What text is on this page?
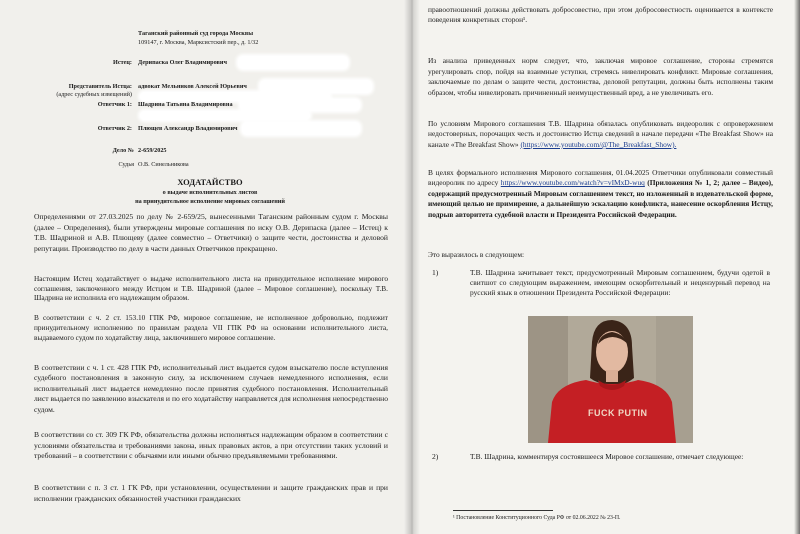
Таганский районный суд города Москвы

109147, г. Москва, Марксистский пер., д. 1/32

Истец: Дерипаска Олег Владимирович
Представитель Истца:
(адрес судебных извещений)
адвокат Мельников Алексей Юрьевич
Ответчик 1: Шадрина Татьяна Владимировна
Ответчик 2: Плющев Александр Владимирович
Дело № 2-659/2025
Судья О.В. Синельникова

ХОДАТАЙСТВО

о выдаче исполнительных листов

на принудительное исполнение мировых соглашений

Определениями от 27.03.2025 по делу № 2-659/25, вынесенными Таганским районным судом г. Москвы (далее – Определения), были утверждены мировые соглашения по иску О.В. Дерипаска (далее – Истец) к Т.В. Шадриной и А.В. Плющеву (далее совместно – Ответчики) о защите чести, достоинства и деловой репутации. Производство по делу в части данных Ответчиков прекращено.

Настоящим Истец ходатайствует о выдаче исполнительного листа на принудительное исполнение мирового соглашения, заключенного между Истцом и Т.В. Шадриной (далее – Мировое соглашение), поскольку Т.В. Шадрина не исполнила его надлежащим образом.

В соответствии с ч. 2 ст. 153.10 ГПК РФ, мировое соглашение, не исполненное добровольно, подлежит принудительному исполнению по правилам раздела VII ГПК РФ на основании исполнительного листа, выдаваемого судом по ходатайству лица, заключившего мировое соглашение.

В соответствии с ч. 1 ст. 428 ГПК РФ, исполнительный лист выдается судом взыскателю после вступления судебного постановления в законную силу, за исключением случаев немедленного исполнения, если исполнительный лист выдается немедленно после принятия судебного постановления. Исполнительный лист выдается по заявлению взыскателя и по его ходатайству направляется для исполнения непосредственно судом.

В соответствии со ст. 309 ГК РФ, обязательства должны исполняться надлежащим образом в соответствии с условиями обязательства и требованиями закона, иных правовых актов, а при отсутствии таких условий и требований – в соответствии с обычаями или иными обычно предъявляемыми требованиями.

В соответствии с п. 3 ст. 1 ГК РФ, при установлении, осуществлении и защите гражданских прав и при исполнении гражданских обязанностей участники гражданских

правоотношений должны действовать добросовестно, при этом добросовестность оценивается в контексте поведения конкретных сторон¹.

Из анализа приведенных норм следует, что, заключая мировое соглашение, стороны стремятся урегулировать спор, пойдя на взаимные уступки, стремясь нивелировать конфликт. Мировые соглашения, заключаемые по делам о защите чести, достоинства, деловой репутации, должны быть исполнены таким образом, чтобы нивелировать причиненный неимущественный вред, а не увеличивать его.

По условиям Мирового соглашения Т.В. Шадрина обязалась опубликовать видеоролик с опровержением недостоверных, порочащих честь и достоинство Истца сведений в начале передачи «The Breakfast Show» на канале «The Breakfast Show» (https://www.youtube.com/@The_Breakfast_Show).

В целях формального исполнения Мирового соглашения, 01.04.2025 Ответчики опубликовали совместный видеоролик по адресу https://www.youtube.com/watch?v=vIMxD-wuq (Приложения № 1, 2; далее – Видео), содержащий предусмотренный Мировым соглашением текст, но изложенный в издевательской форме, имеющий целью не примирение, а дальнейшую эскалацию конфликта, нанесение оскорбления Истцу, подрыв авторитета судебной власти и Президента Российской Федерации.

Это выразилось в следующем:

1)	Т.В. Шадрина зачитывает текст, предусмотренный Мировым соглашением, будучи одетой в свитшот со следующим выражением, имеющим оскорбительный и нецензурный перевод на русский язык в отношении Президента Российской Федерации:

FUCK PUTIN

2)	Т.В. Шадрина, комментируя состоявшееся Мировое соглашение, отмечает следующее:

¹ Постановление Конституционного Суда РФ от 02.06.2022 № 23-П.
